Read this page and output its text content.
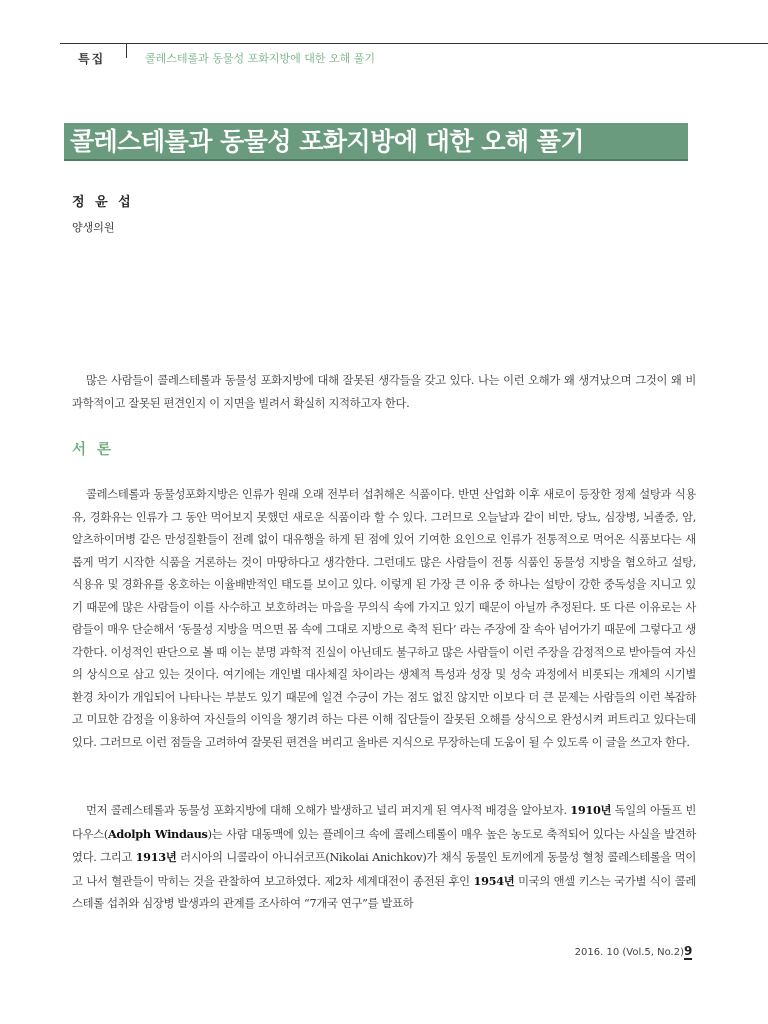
특집	콜레스테롤과 동물성 포화지방에 대한 오해 풀기
콜레스테롤과 동물성 포화지방에 대한 오해 풀기
정 윤 섭
양생의원

많은 사람들이 콜레스테롤과 동물성 포화지방에 대해 잘못된 생각들을 갖고 있다. 나는 이런 오해가 왜 생겨났으며 그것이 왜 비과학적이고 잘못된 편견인지 이 지면을 빌려서 확실히 지적하고자 한다.

서 론

콜레스테롤과 동물성포화지방은 인류가 원래 오래 전부터 섭취해온 식품이다. 반면 산업화 이후 새로이 등장한 정제 설탕과 식용유, 경화유는 인류가 그 동안 먹어보지 못했던 새로운 식품이라 할 수 있다. 그러므로 오늘날과 같이 비만, 당뇨, 심장병, 뇌졸중, 암, 알츠하이머병 같은 만성질환들이 전례 없이 대유행을 하게 된 점에 있어 기여한 요인으로 인류가 전통적으로 먹어온 식품보다는 새롭게 먹기 시작한 식품을 거론하는 것이 마땅하다고 생각한다. 그런데도 많은 사람들이 전통 식품인 동물성 지방을 혐오하고 설탕, 식용유 및 경화유를 옹호하는 이율배반적인 태도를 보이고 있다. 이렇게 된 가장 큰 이유 중 하나는 설탕이 강한 중독성을 지니고 있기 때문에 많은 사람들이 이를 사수하고 보호하려는 마음을 무의식 속에 가지고 있기 때문이 아닐까 추정된다. 또 다른 이유로는 사람들이 매우 단순해서 ‘동물성 지방을 먹으면 몸 속에 그대로 지방으로 축적 된다’ 라는 주장에 잘 속아 넘어가기 때문에 그렇다고 생각한다. 이성적인 판단으로 볼 때 이는 분명 과학적 진실이 아닌데도 불구하고 많은 사람들이 이런 주장을 감정적으로 받아들여 자신의 상식으로 삼고 있는 것이다. 여기에는 개인별 대사체질 차이라는 생체적 특성과 성장 및 성숙 과정에서 비롯되는 개체의 시기별 환경 차이가 개입되어 나타나는 부분도 있기 때문에 일견 수긍이 가는 점도 없진 않지만 이보다 더 큰 문제는 사람들의 이런 복잡하고 미묘한 감정을 이용하여 자신들의 이익을 챙기려 하는 다른 이해 집단들이 잘못된 오해를 상식으로 완성시켜 퍼트리고 있다는데 있다. 그러므로 이런 점들을 고려하여 잘못된 편견을 버리고 올바른 지식으로 무장하는데 도움이 될 수 있도록 이 글을 쓰고자 한다.

먼저 콜레스테롤과 동물성 포화지방에 대해 오해가 발생하고 널리 퍼지게 된 역사적 배경을 알아보자. 1910년 독일의 아돌프 빈다우스(Adolph Windaus)는 사람 대동맥에 있는 플레이크 속에 콜레스테롤이 매우 높은 농도로 축적되어 있다는 사실을 발견하였다. 그리고 1913년 러시아의 니콜라이 아니쉬코프(Nikolai Anichkov)가 채식 동물인 토끼에게 동물성 혈청 콜레스테롤을 먹이고 나서 혈관들이 막히는 것을 관찰하여 보고하였다. 제2차 세계대전이 종전된 후인 1954년 미국의 앤셀 키스는 국가별 식이 콜레스테롤 섭취와 심장병 발생과의 관계를 조사하여 “7개국 연구”를 발표하

2016. 10 (Vol.5, No.2) 9
